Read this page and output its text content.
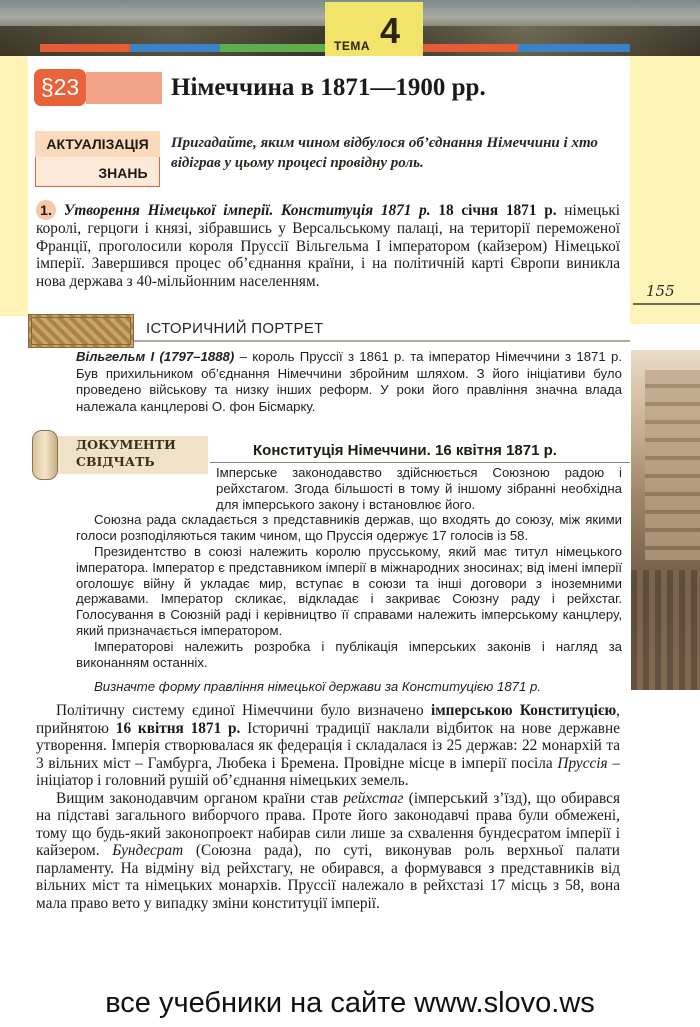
ТЕМА 4
155
§23	Німеччина в 1871—1900 рр.
АКТУАЛІЗАЦІЯ
ЗНАНЬ
Пригадайте, яким чином відбулося об’єднання Німеччини і хто відіграв у цьому процесі провідну роль.

1. Утворення Німецької імперії. Конституція 1871 р. 18 січня 1871 р. німецькі королі, герцоги і князі, зібравшись у Версальському палаці, на території переможеної Франції, проголосили короля Пруссії Вільгельма I імператором (кайзером) Німецької імперії. Завершився процес об’єднання країни, і на політичній карті Європи виникла нова держава з 40-мільйонним населенням.

ІСТОРИЧНИЙ ПОРТРЕТ
Вільгельм I (1797–1888) – король Пруссії з 1861 р. та імператор Німеччини з 1871 р. Був прихильником об’єднання Німеччини збройним шляхом. З його ініціативи було проведено військову та низку інших реформ. У роки його правління значна влада належала канцлерові О. фон Бісмарку.
ДОКУМЕНТИ
СВІДЧАТЬ
Конституція Німеччини. 16 квітня 1871 р.

Імперське законодавство здійснюється Союзною радою і рейхстагом. Згода більшості в тому й іншому зібранні необхідна для імперського закону і встановлює його.

Союзна рада складається з представників держав, що входять до союзу, між якими голоси розподіляються таким чином, що Пруссія одержує 17 голосів із 58.

Президентство в союзі належить королю прусському, який має титул німецького імператора. Імператор є представником імперії в міжнародних зносинах; від імені імперії оголошує війну й укладає мир, вступає в союзи та інші договори з іноземними державами. Імператор скликає, відкладає і закриває Союзну раду і рейхстаг. Голосування в Союзній раді і керівництво її справами належить імперському канцлеру, який призначається імператором.

Імператорові належить розробка і публікація імперських законів і нагляд за виконанням останніх.

Визначте форму правління німецької держави за Конституцією 1871 р.

Політичну систему єдиної Німеччини було визначено імперською Конституцією, прийнятою 16 квітня 1871 р. Історичні традиції наклали відбиток на нове державне утворення. Імперія створювалася як федерація і складалася із 25 держав: 22 монархій та 3 вільних міст – Гамбурга, Любека і Бремена. Провідне місце в імперії посіла Пруссія – ініціатор і головний рушій об’єднання німецьких земель.

Вищим законодавчим органом країни став рейхстаг (імперський з’їзд), що обирався на підставі загального виборчого права. Проте його законодавчі права були обмежені, тому що будь-який законопроект набирав сили лише за схвалення бундесратом імперії і кайзером. Бундесрат (Союзна рада), по суті, виконував роль верхньої палати парламенту. На відміну від рейхстагу, не обирався, а формувався з представників від вільних міст та німецьких монархів. Пруссії належало в рейхстазі 17 місць з 58, вона мала право вето у випадку зміни конституції імперії.

все учебники на сайте www.slovo.ws
